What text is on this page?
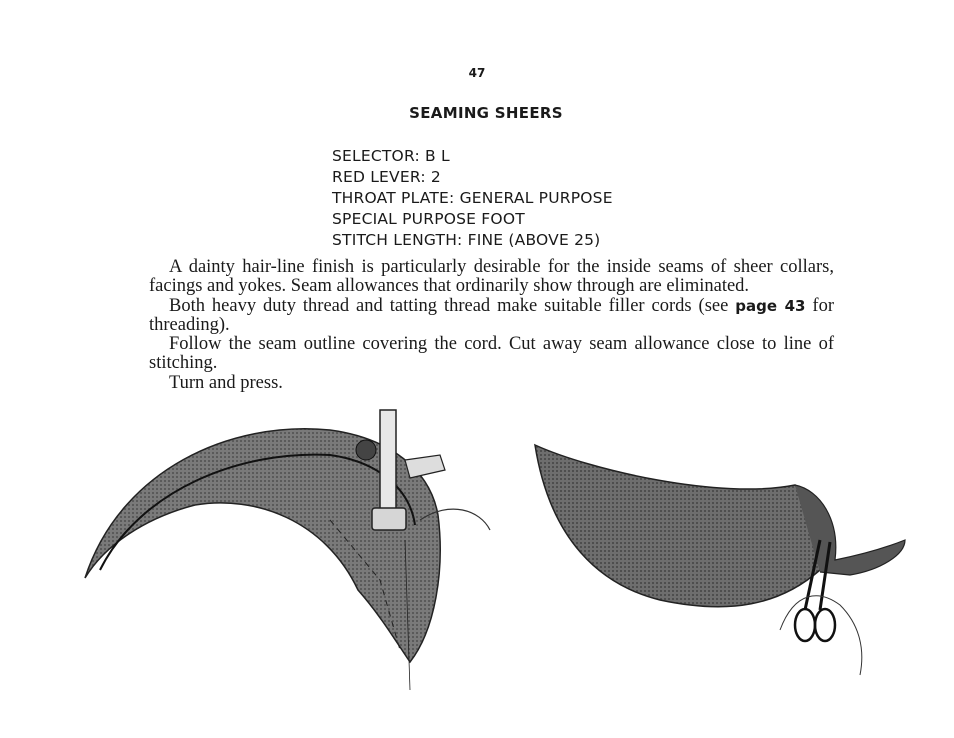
47
SEAMING SHEERS
SELECTOR: B L
RED LEVER: 2
THROAT PLATE: GENERAL PURPOSE
SPECIAL PURPOSE FOOT
STITCH LENGTH: FINE (ABOVE 25)

A dainty hair-line finish is particularly desirable for the inside seams of sheer collars, facings and yokes. Seam allowances that ordinarily show through are eliminated.

Both heavy duty thread and tatting thread make suitable filler cords (see page 43 for threading).

Follow the seam outline covering the cord. Cut away seam allowance close to line of stitching.

Turn and press.
